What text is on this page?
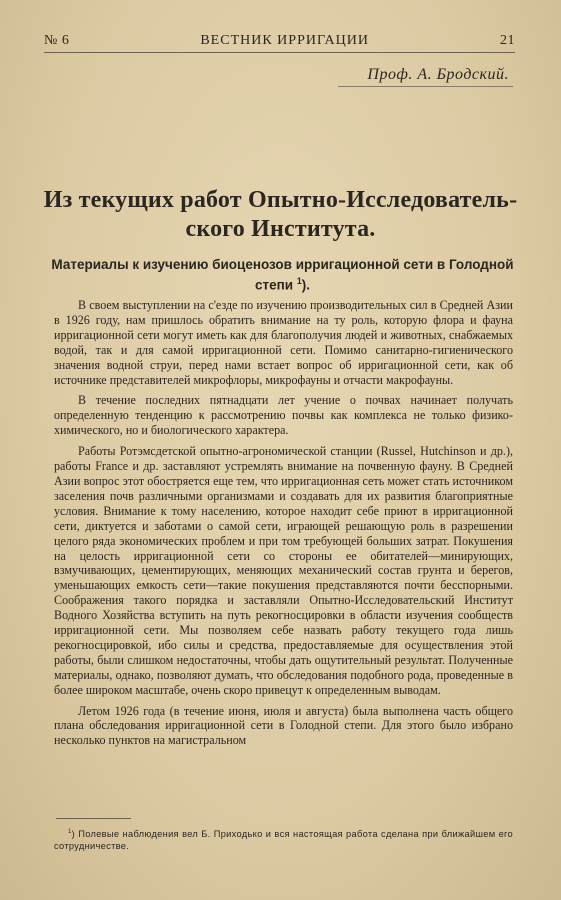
№ 6	ВЕСТНИК ИРРИГАЦИИ	21
Проф. А. Бродский.
Из текущих работ Опытно-Исследователь-ского Института.
Материалы к изучению биоценозов ирригационной сети в Голодной степи $^1$).

В своем выступлении на с'езде по изучению производительных сил в Средней Азии в 1926 году, нам пришлось обратить внимание на ту роль, которую флора и фауна ирригационной сети могут иметь как для благополучия людей и животных, снабжаемых водой, так и для самой ирригационной сети. Помимо санитарно-гигиенического значения водной струи, перед нами встает вопрос об ирригационной сети, как об источнике представителей микрофлоры, микрофауны и отчасти макрофауны.

В течение последних пятнадцати лет учение о почвах начинает получать определенную тенденцию к рассмотрению почвы как комплекса не только физико-химического, но и биологического характера.

Работы Ротэмсдетской опытно-агрономической станции (Russel, Hutchinson и др.), работы France и др. заставляют устремлять внимание на почвенную фауну. В Средней Азии вопрос этот обостряется еще тем, что ирригационная сеть может стать источником заселения почв различными организмами и создавать для их развития благоприятные условия. Внимание к тому населению, которое находит себе приют в ирригационной сети, диктуется и заботами о самой сети, играющей решающую роль в разрешении целого ряда экономических проблем и при том требующей больших затрат. Покушения на целость ирригационной сети со стороны ее обитателей—минирующих, взмучивающих, цементирующих, меняющих механический состав грунта и берегов, уменьшающих емкость сети—такие покушения представляются почти бесспорными. Соображения такого порядка и заставляли Опытно-Исследовательский Институт Водного Хозяйства вступить на путь рекогносцировки в области изучения сообществ ирригационной сети. Мы позволяем себе назвать работу текущего года лишь рекогносцировкой, ибо силы и средства, предоставляемые для осуществления этой работы, были слишком недостаточны, чтобы дать ощутительный результат. Полученные материалы, однако, позволяют думать, что обследования подобного рода, проведенные в более широком масштабе, очень скоро привецут к определенным выводам.

Летом 1926 года (в течение июня, июля и августа) была выполнена часть общего плана обследования ирригационной сети в Голодной степи. Для этого было избрано несколько пунктов на магистральном

$^1$) Полевые наблюдения вел Б. Приходько и вся настоящая работа сделана при ближайшем его сотрудничестве.
